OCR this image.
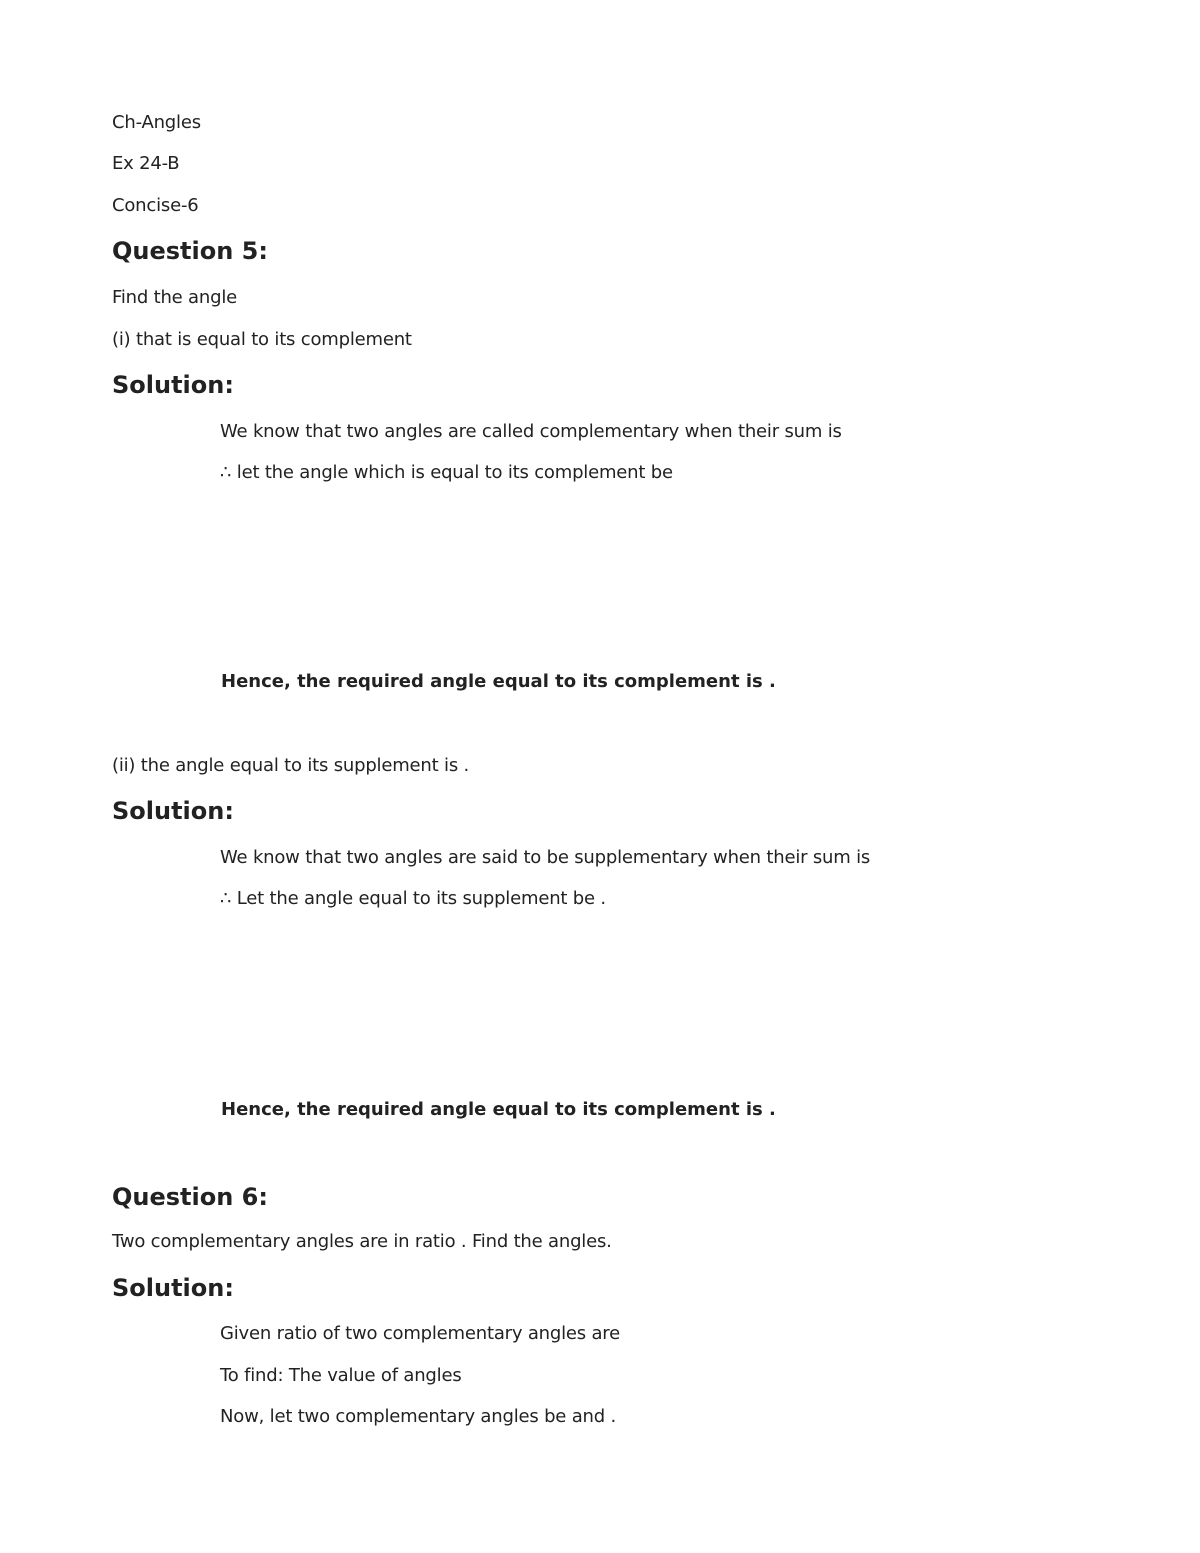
Ch-Angles
Ex 24-B
Concise-6
Question 5:
Find the angle
(i) that is equal to its complement
Solution:
We know that two angles are called complementary when their sum is
∴ let the angle which is equal to its complement be
Hence, the required angle equal to its complement is .
(ii) the angle equal to its supplement is .
Solution:
We know that two angles are said to be supplementary when their sum is
∴ Let the angle equal to its supplement be .
Hence, the required angle equal to its complement is .
Question 6:
Two complementary angles are in ratio . Find the angles.
Solution:
Given ratio of two complementary angles are
To find: The value of angles
Now, let two complementary angles be and .
